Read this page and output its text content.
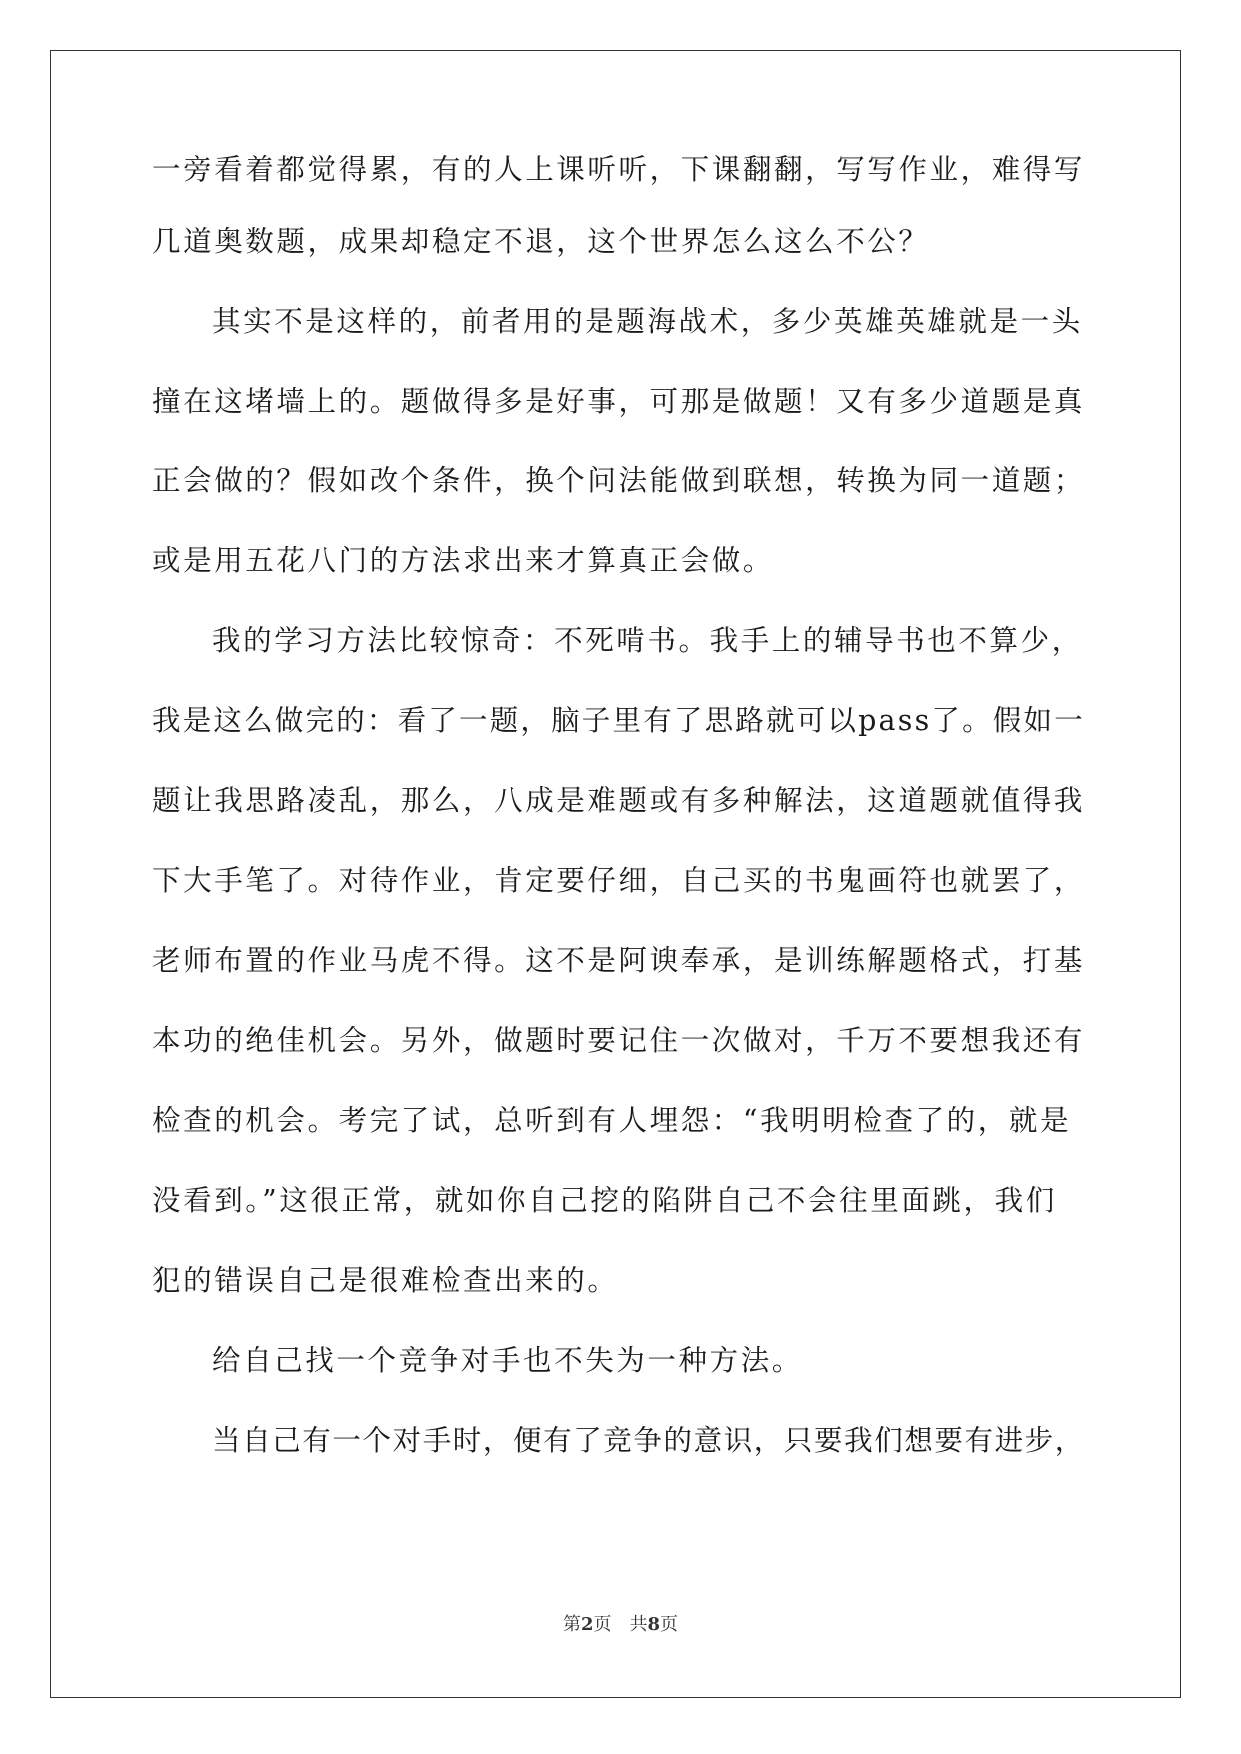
一旁看着都觉得累，有的人上课听听，下课翻翻，写写作业，难得写
几道奥数题，成果却稳定不退，这个世界怎么这么不公？
其实不是这样的，前者用的是题海战术，多少英雄英雄就是一头
撞在这堵墙上的。题做得多是好事，可那是做题！又有多少道题是真
正会做的？假如改个条件，换个问法能做到联想，转换为同一道题；
或是用五花八门的方法求出来才算真正会做。
我的学习方法比较惊奇：不死啃书。我手上的辅导书也不算少，
我是这么做完的：看了一题，脑子里有了思路就可以pass了。假如一
题让我思路凌乱，那么，八成是难题或有多种解法，这道题就值得我
下大手笔了。对待作业，肯定要仔细，自己买的书鬼画符也就罢了，
老师布置的作业马虎不得。这不是阿谀奉承，是训练解题格式，打基
本功的绝佳机会。另外，做题时要记住一次做对，千万不要想我还有
检查的机会。考完了试，总听到有人埋怨：“我明明检查了的，就是
没看到。”这很正常，就如你自己挖的陷阱自己不会往里面跳，我们
犯的错误自己是很难检查出来的。
给自己找一个竞争对手也不失为一种方法。
当自己有一个对手时，便有了竞争的意识，只要我们想要有进步，
第2页 共8页
